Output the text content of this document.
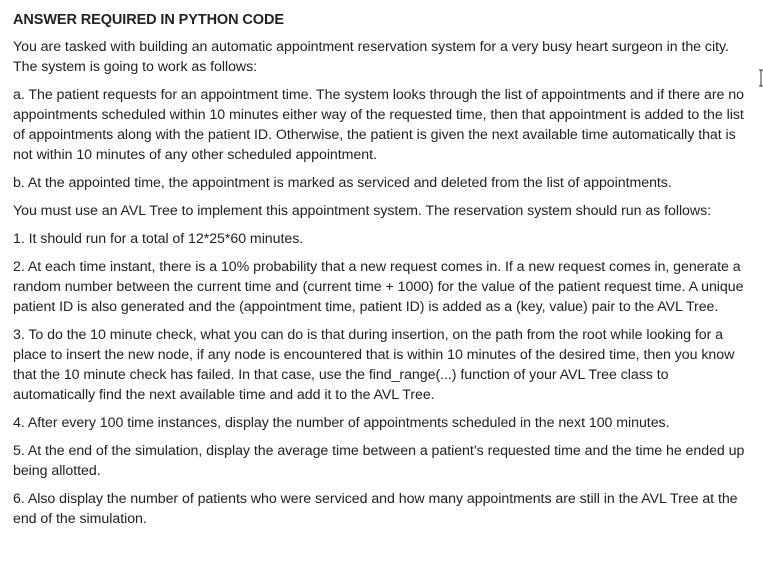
ANSWER REQUIRED IN PYTHON CODE

You are tasked with building an automatic appointment reservation system for a very busy heart surgeon in the city. The system is going to work as follows:

a. The patient requests for an appointment time. The system looks through the list of appointments and if there are no appointments scheduled within 10 minutes either way of the requested time, then that appointment is added to the list of appointments along with the patient ID. Otherwise, the patient is given the next available time automatically that is not within 10 minutes of any other scheduled appointment.

b. At the appointed time, the appointment is marked as serviced and deleted from the list of appointments.

You must use an AVL Tree to implement this appointment system. The reservation system should run as follows:

1. It should run for a total of 12*25*60 minutes.

2. At each time instant, there is a 10% probability that a new request comes in. If a new request comes in, generate a random number between the current time and (current time + 1000) for the value of the patient request time. A unique patient ID is also generated and the (appointment time, patient ID) is added as a (key, value) pair to the AVL Tree.

3. To do the 10 minute check, what you can do is that during insertion, on the path from the root while looking for a place to insert the new node, if any node is encountered that is within 10 minutes of the desired time, then you know that the 10 minute check has failed. In that case, use the find_range(...) function of your AVL Tree class to automatically find the next available time and add it to the AVL Tree.

4. After every 100 time instances, display the number of appointments scheduled in the next 100 minutes.

5. At the end of the simulation, display the average time between a patient’s requested time and the time he ended up being allotted.

6. Also display the number of patients who were serviced and how many appointments are still in the AVL Tree at the end of the simulation.
